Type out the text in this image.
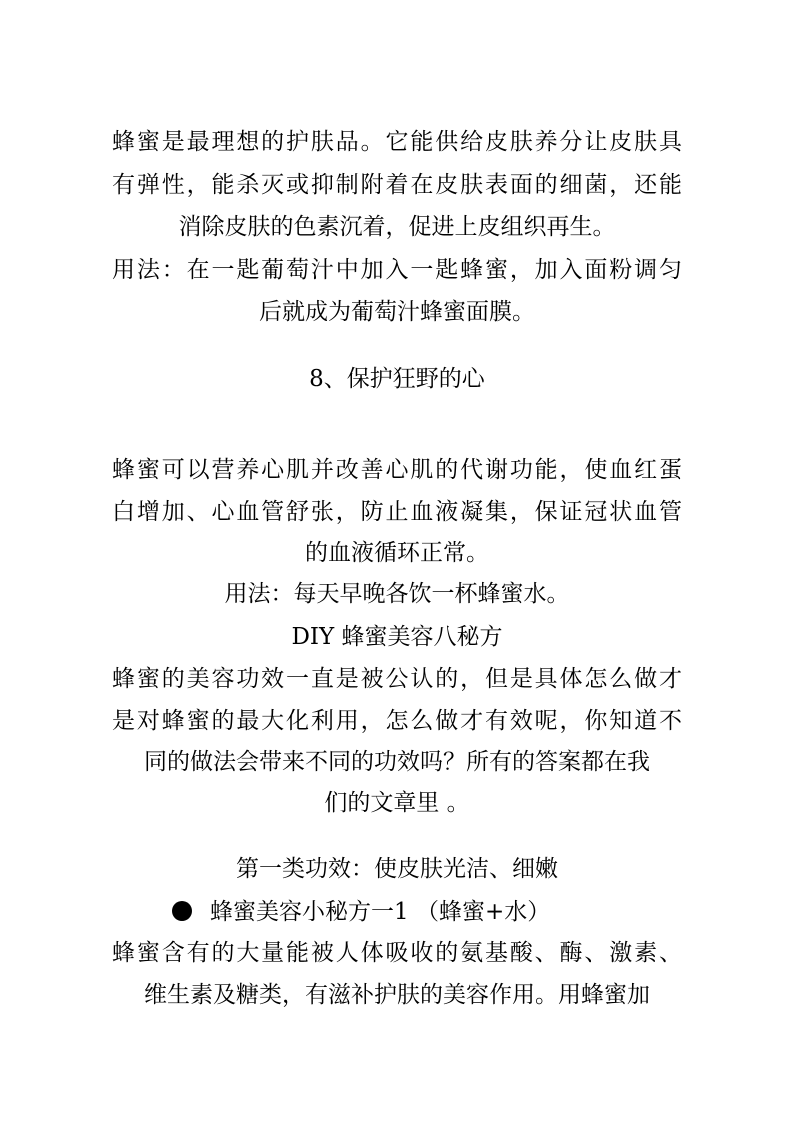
蜂蜜是最理想的护肤品。它能供给皮肤养分让皮肤具
有弹性，能杀灭或抑制附着在皮肤表面的细菌，还能
消除皮肤的色素沉着，促进上皮组织再生。
用法：在一匙葡萄汁中加入一匙蜂蜜，加入面粉调匀
后就成为葡萄汁蜂蜜面膜。
8、保护狂野的心
蜂蜜可以营养心肌并改善心肌的代谢功能，使血红蛋
白增加、心血管舒张，防止血液凝集，保证冠状血管
的血液循环正常。
用法：每天早晚各饮一杯蜂蜜水。
DIY 蜂蜜美容八秘方
蜂蜜的美容功效一直是被公认的，但是具体怎么做才
是对蜂蜜的最大化利用，怎么做才有效呢，你知道不
同的做法会带来不同的功效吗？所有的答案都在我
们的文章里 。
第一类功效：使皮肤光洁、细嫩
蜂蜜美容小秘方一1 （蜂蜜+水）
蜂蜜含有的大量能被人体吸收的氨基酸、酶、激素、
维生素及糖类，有滋补护肤的美容作用。用蜂蜜加
